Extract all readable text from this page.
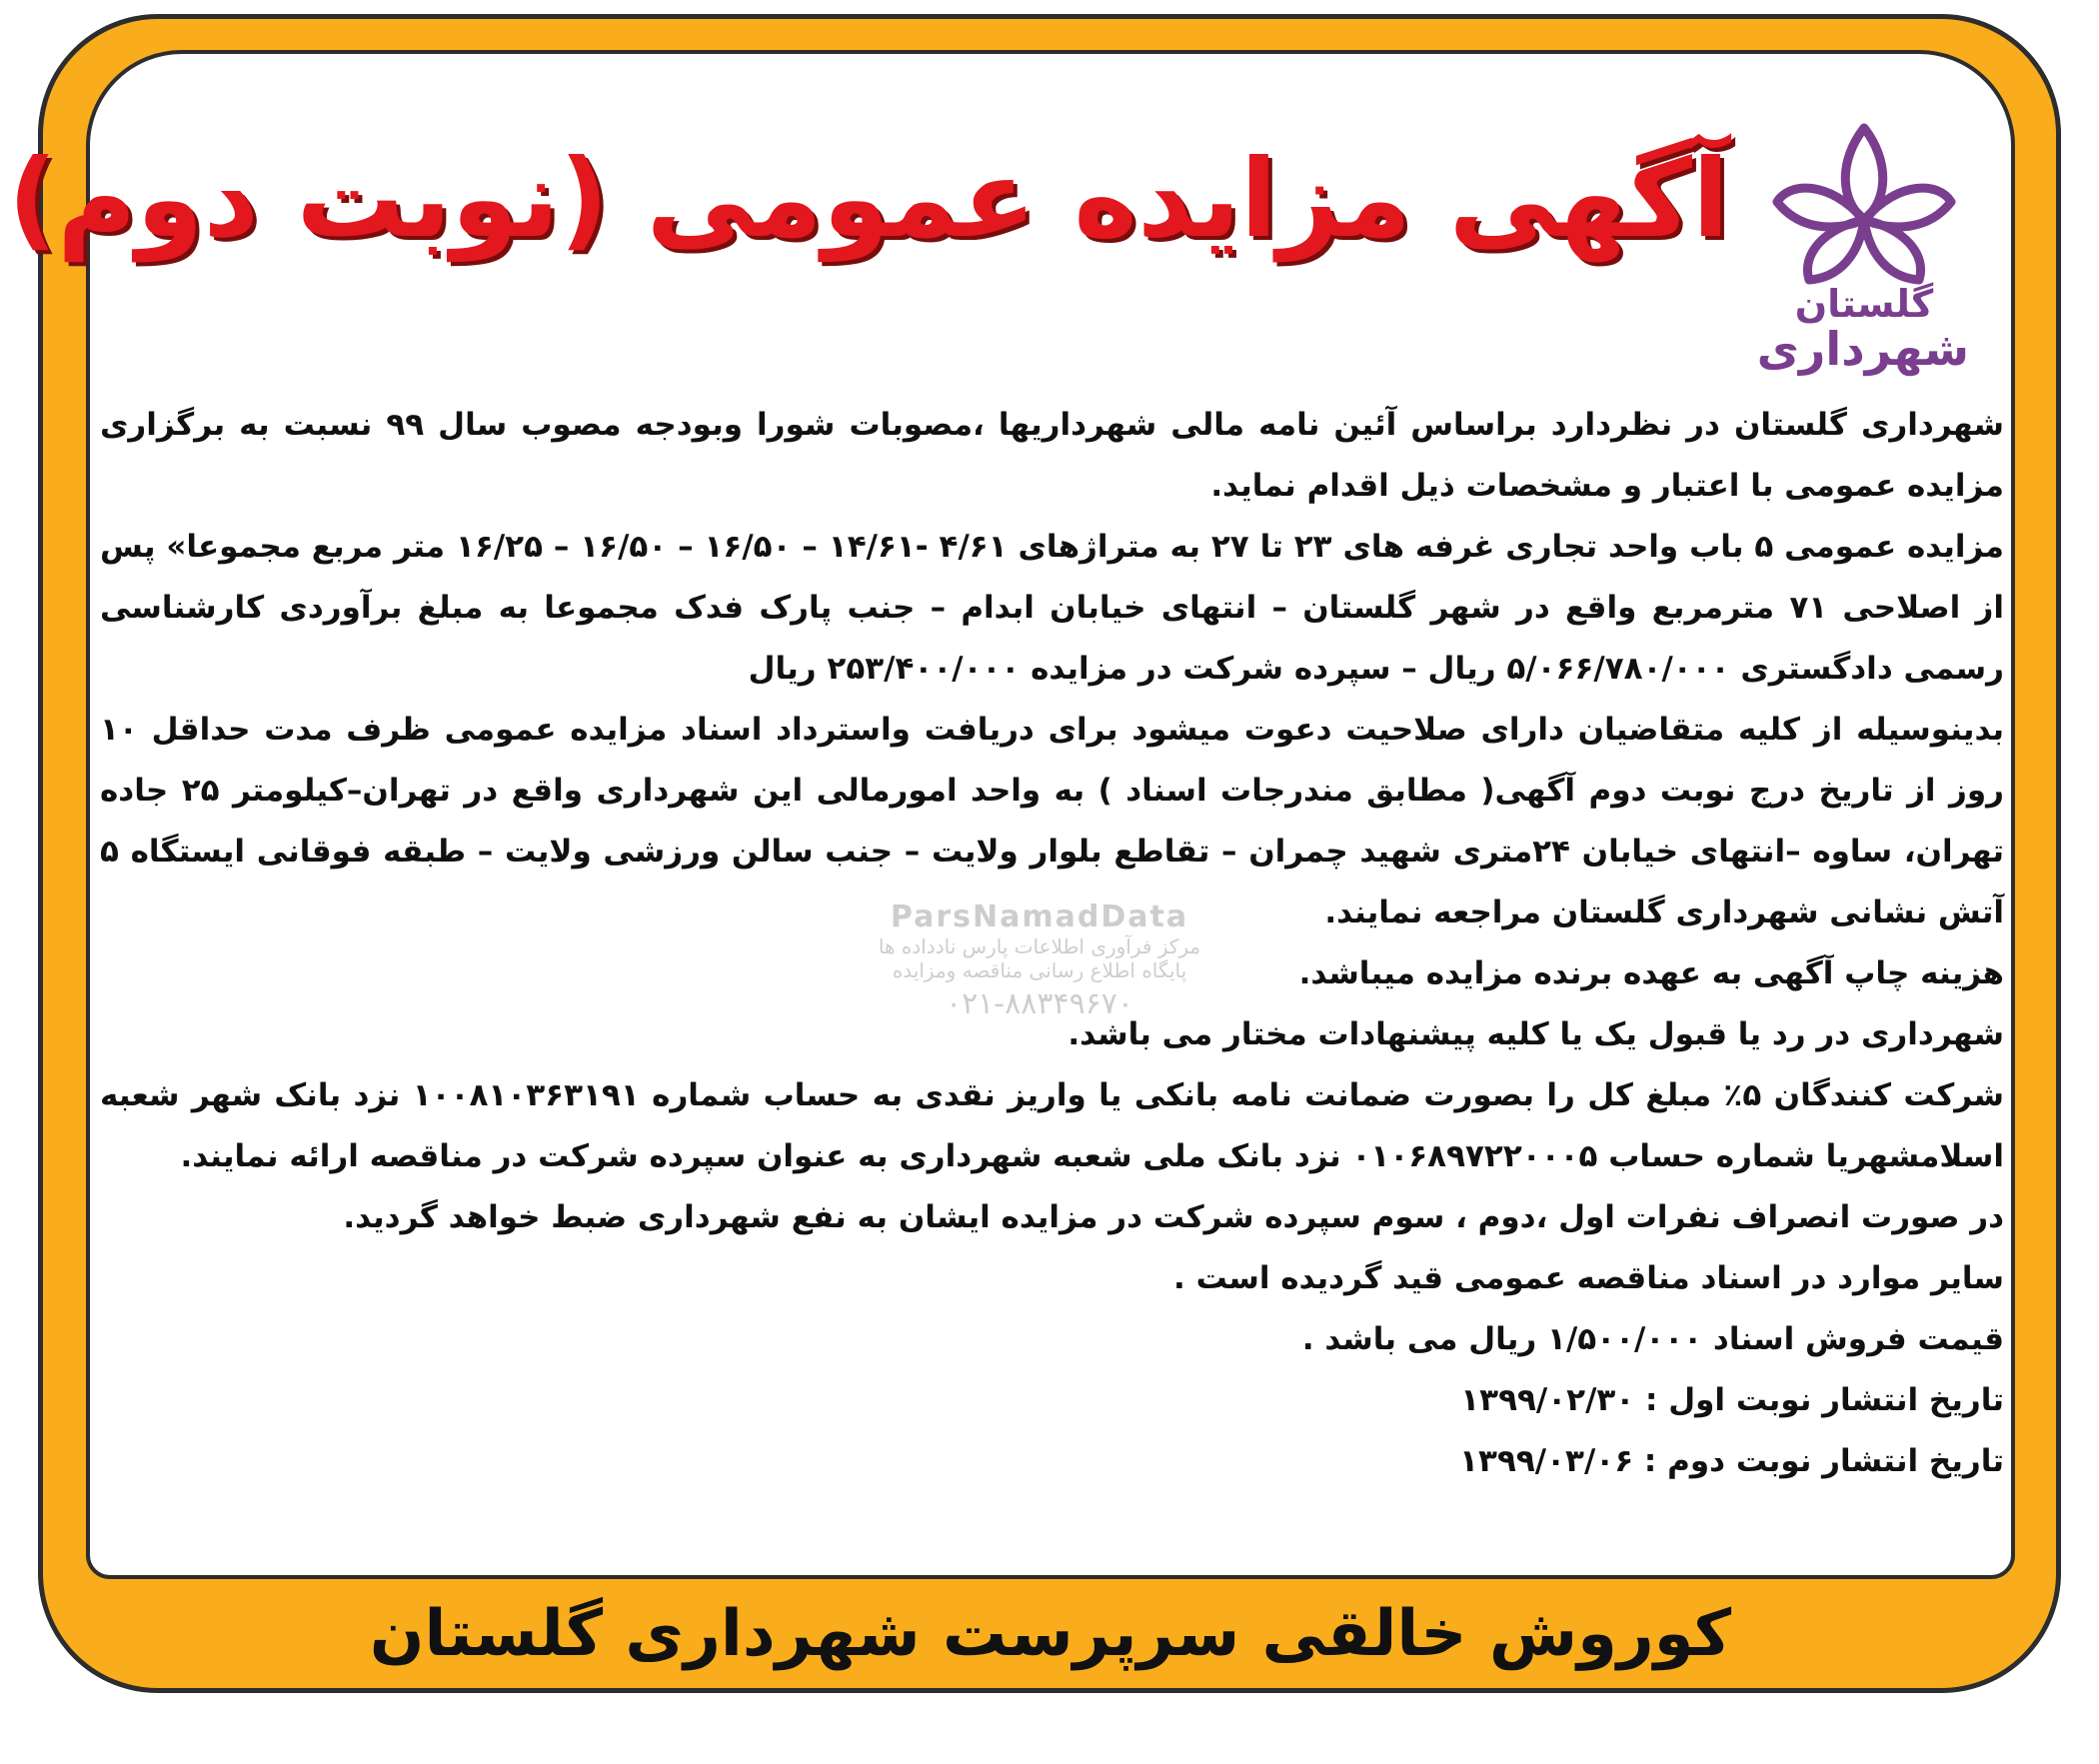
گلستان
شهرداری
آگهی مزایده عمومی (نوبت دوم)

شهرداری گلستان در نظردارد براساس آئین نامه مالی شهرداریها ،مصوبات شورا وبودجه مصوب سال ۹۹ نسبت به برگزاری مزایده عمومی با اعتبار و مشخصات ذیل اقدام نماید.

مزایده عمومی ۵ باب واحد تجاری غرفه های ۲۳ تا ۲۷ به متراژهای ۴/۶۱ -۱۴/۶۱ – ۱۶/۵۰ – ۱۶/۵۰ – ۱۶/۲۵ متر مربع مجموعا» پس از اصلاحی ۷۱ مترمربع واقع در شهر گلستان – انتهای خیابان ابدام – جنب پارک فدک مجموعا به مبلغ برآوردی کارشناسی رسمی دادگستری ۵/۰۶۶/۷۸۰/۰۰۰ ریال – سپرده شرکت در مزایده ۲۵۳/۴۰۰/۰۰۰ ریال

بدینوسیله از کلیه متقاضیان دارای صلاحیت دعوت میشود برای دریافت واسترداد اسناد مزایده عمومی ظرف مدت حداقل ۱۰ روز از تاریخ درج نوبت دوم آگهی( مطابق مندرجات اسناد ) به واحد امورمالی این شهرداری واقع در تهران–کیلومتر ۲۵ جاده تهران، ساوه –انتهای خیابان ۲۴متری شهید چمران – تقاطع بلوار ولایت – جنب سالن ورزشی ولایت – طبقه فوقانی ایستگاه ۵ آتش نشانی شهرداری گلستان مراجعه نمایند.

هزینه چاپ آگهی به عهده برنده مزایده میباشد.

شهرداری در رد یا قبول یک یا کلیه پیشنهادات مختار می باشد.

شرکت کنندگان ۵٪ مبلغ کل را بصورت ضمانت نامه بانکی یا واریز نقدی به حساب شماره ۱۰۰۸۱۰۳۶۳۱۹۱ نزد بانک شهر شعبه اسلامشهریا شماره حساب ۰۱۰۶۸۹۷۲۲۰۰۰۵ نزد بانک ملی شعبه شهرداری به عنوان سپرده شرکت در مناقصه ارائه نمایند.

در صورت انصراف نفرات اول ،دوم ، سوم سپرده شرکت در مزایده ایشان به نفع شهرداری ضبط خواهد گردید.

سایر موارد در اسناد مناقصه عمومی قید گردیده است .

قیمت فروش اسناد ۱/۵۰۰/۰۰۰ ریال می باشد .

تاریخ انتشار نوبت اول : ۱۳۹۹/۰۲/۳۰

تاریخ انتشار نوبت دوم : ۱۳۹۹/۰۳/۰۶

ParsNamadData
مرکز فرآوری اطلاعات پارس نادداده ها
پایگاه اطلاع رسانی مناقصه ومزایده
۰۲۱-۸۸۳۴۹۶۷۰
کوروش خالقی سرپرست شهرداری گلستان
